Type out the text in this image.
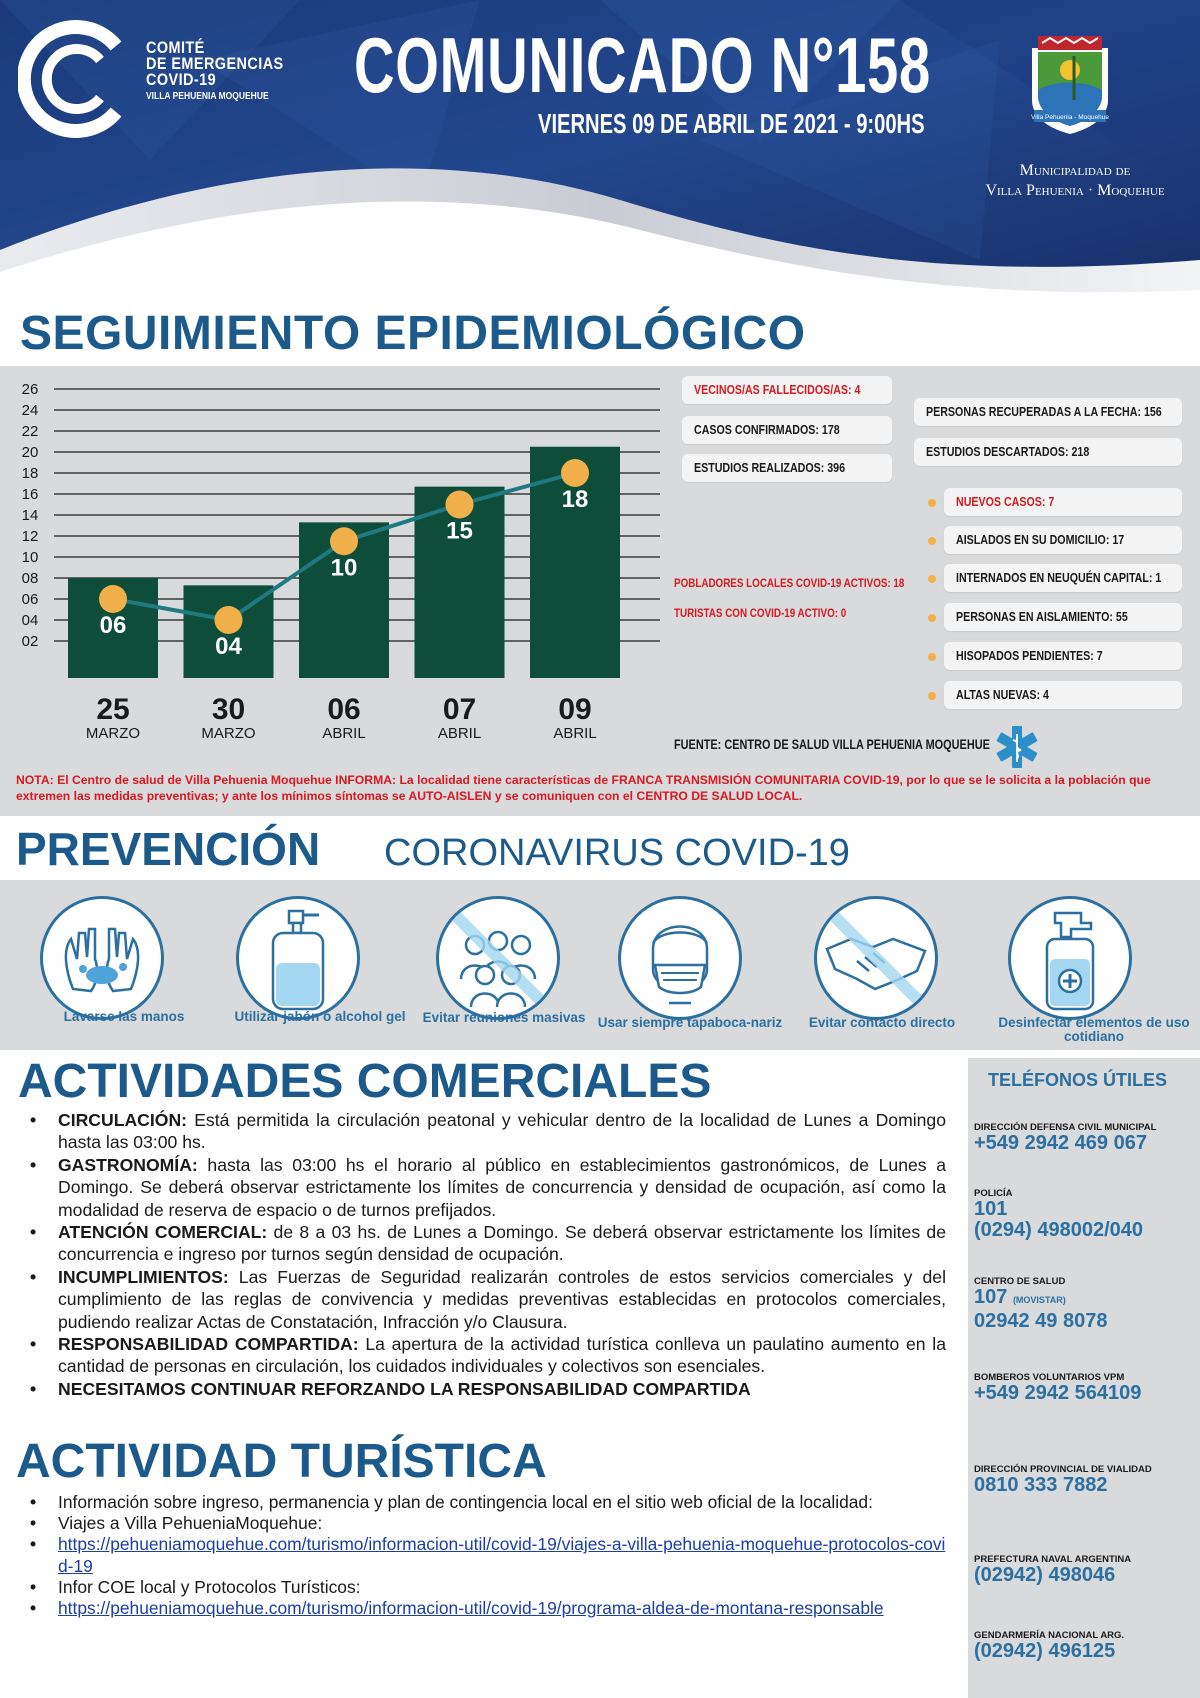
COMITÉ
DE EMERGENCIAS
COVID-19
VILLA PEHUENIA MOQUEHUE COMUNICADO N°158
VIERNES 09 DE ABRIL DE 2021 - 9:00HS	Villa Pehuenia - Moquehue
Municipalidad de
Villa Pehuenia · Moquehue
SEGUIMIENTO EPIDEMIOLÓGICO
02
04
06
08
10
12
14
16
18
20
22
24
26
25
MARZO
30
MARZO
06
ABRIL
07
ABRIL
09
ABRIL
06
04
10
15
18
VECINOS/AS FALLECIDOS/AS: 4
CASOS CONFIRMADOS: 178
ESTUDIOS REALIZADOS: 396
PERSONAS RECUPERADAS A LA FECHA: 156
ESTUDIOS DESCARTADOS: 218
POBLADORES LOCALES COVID-19 ACTIVOS: 18
TURISTAS CON COVID-19 ACTIVO: 0
NUEVOS CASOS: 7
AISLADOS EN SU DOMICILIO: 17
INTERNADOS EN NEUQUÉN CAPITAL: 1
PERSONAS EN AISLAMIENTO: 55
HISOPADOS PENDIENTES: 7
ALTAS NUEVAS: 4
FUENTE: CENTRO DE SALUD VILLA PEHUENIA MOQUEHUE
NOTA: El Centro de salud de Villa Pehuenia Moquehue INFORMA: La localidad tiene características de FRANCA TRANSMISIÓN COMUNITARIA COVID-19, por lo que se le solicita a la población que extremen las medidas preventivas; y ante los mínimos síntomas se AUTO-AISLEN y se comuniquen con el CENTRO DE SALUD LOCAL.
PREVENCIÓN CORONAVIRUS COVID-19
Lavarse las manos	Utilizar jabón o alcohol gel	Evitar reuniones masivas Usar siempre tapaboca-nariz	Evitar contacto directo	Desinfectar elementos de uso cotidiano
ACTIVIDADES COMERCIALES
• CIRCULACIÓN: Está permitida la circulación peatonal y vehicular dentro de la localidad de Lunes a Domingo hasta las 03:00 hs.
• GASTRONOMÍA: hasta las 03:00 hs el horario al público en establecimientos gastronómicos, de Lunes a Domingo. Se deberá observar estrictamente los límites de concurrencia y densidad de ocupación, así como la modalidad de reserva de espacio o de turnos prefijados.
• ATENCIÓN COMERCIAL: de 8 a 03 hs. de Lunes a Domingo. Se deberá observar estrictamente los límites de concurrencia e ingreso por turnos según densidad de ocupación.
• INCUMPLIMIENTOS: Las Fuerzas de Seguridad realizarán controles de estos servicios comerciales y del cumplimiento de las reglas de convivencia y medidas preventivas establecidas en protocolos comerciales, pudiendo realizar Actas de Constatación, Infracción y/o Clausura.
• RESPONSABILIDAD COMPARTIDA: La apertura de la actividad turística conlleva un paulatino aumento en la cantidad de personas en circulación, los cuidados individuales y colectivos son esenciales.
• NECESITAMOS CONTINUAR REFORZANDO LA RESPONSABILIDAD COMPARTIDA
ACTIVIDAD TURÍSTICA
• Información sobre ingreso, permanencia y plan de contingencia local en el sitio web oficial de la localidad:
• Viajes a Villa PehueniaMoquehue:
• https://pehueniamoquehue.com/turismo/informacion-util/covid-19/viajes-a-villa-pehuenia-moquehue-protocolos-covid-19
• Infor COE local y Protocolos Turísticos:
• https://pehueniamoquehue.com/turismo/informacion-util/covid-19/programa-aldea-de-montana-responsable
TELÉFONOS ÚTILES
DIRECCIÓN DEFENSA CIVIL MUNICIPAL
+549 2942 469 067
POLICÍA
101
(0294) 498002/040
CENTRO DE SALUD
107 (MOVISTAR)
02942 49 8078
BOMBEROS VOLUNTARIOS VPM
+549 2942 564109
DIRECCIÓN PROVINCIAL DE VIALIDAD
0810 333 7882
PREFECTURA NAVAL ARGENTINA
(02942) 498046
GENDARMERÍA NACIONAL ARG.
(02942) 496125
